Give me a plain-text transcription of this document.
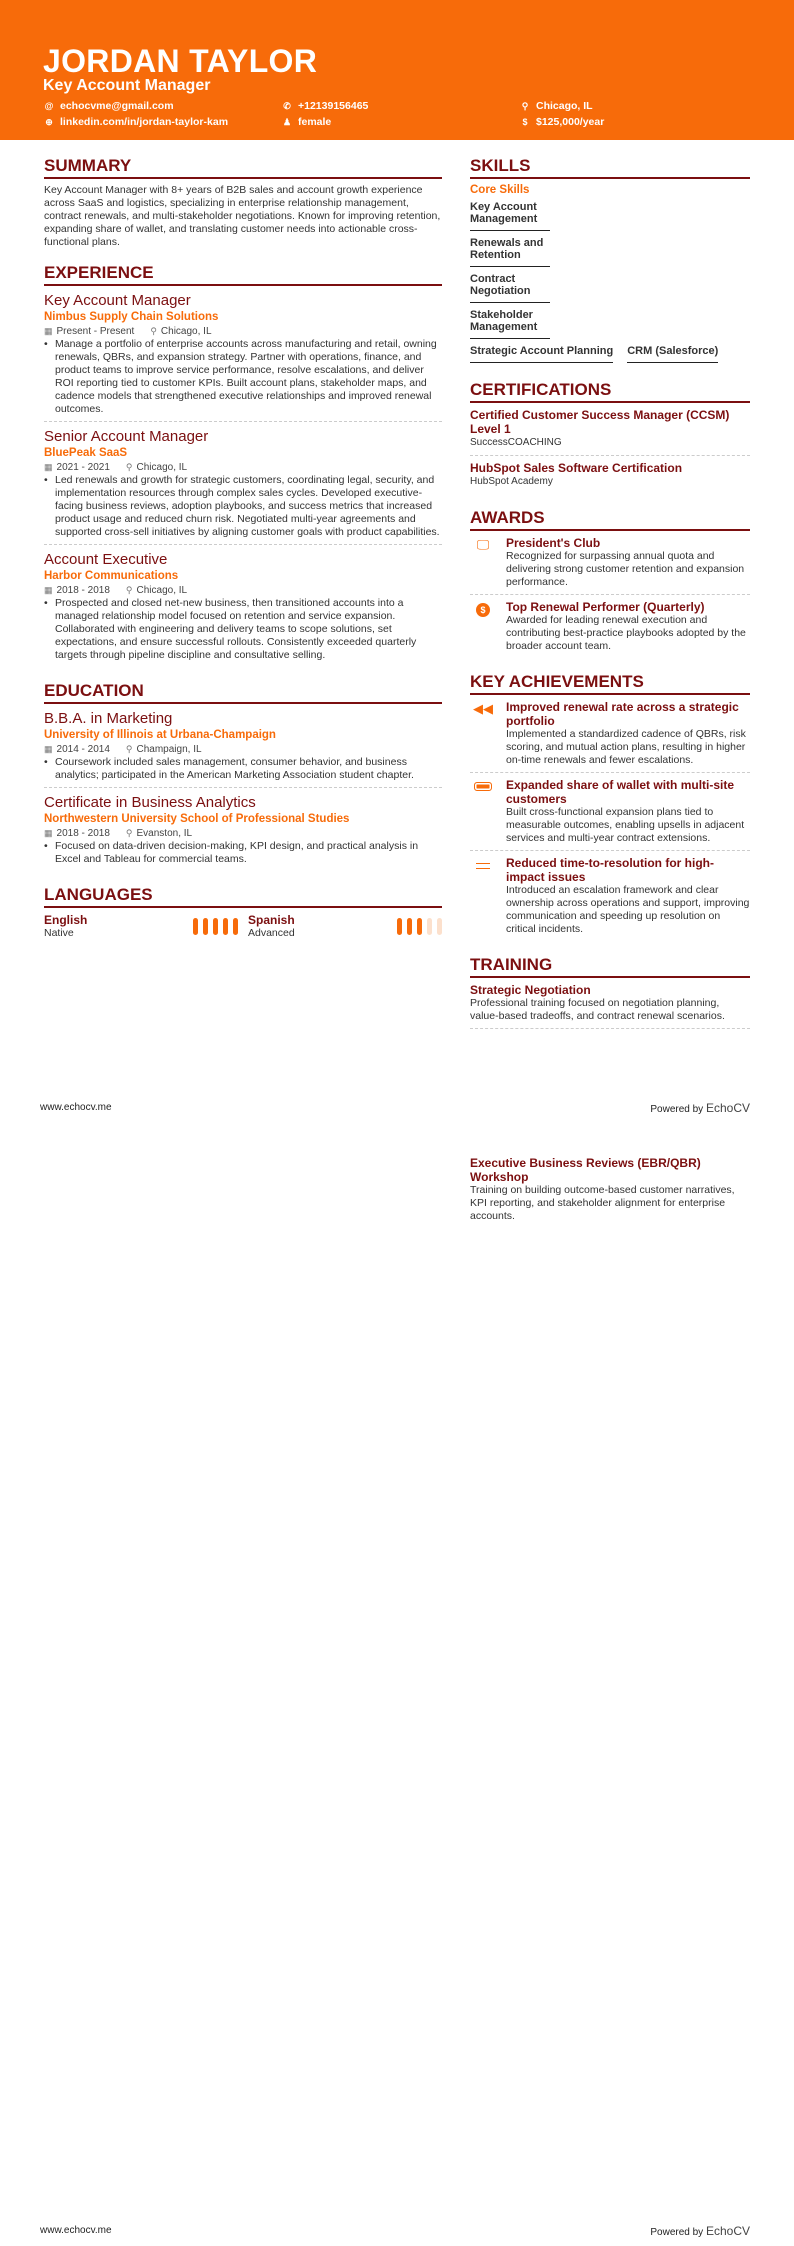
JORDAN TAYLOR
Key Account Manager
@ echocvme@gmail.com	✆ +12139156465	⚲ Chicago, IL
⊕ linkedin.com/in/jordan-taylor-kam	♟ female	$ $125,000/year
SUMMARY
Key Account Manager with 8+ years of B2B sales and account growth experience across SaaS and logistics, specializing in enterprise relationship management, contract renewals, and multi-stakeholder negotiations. Known for improving retention, expanding share of wallet, and translating customer needs into actionable cross-functional plans.
EXPERIENCE
Key Account Manager
Nimbus Supply Chain Solutions
▦ Present - Present ⚲ Chicago, IL
• Manage a portfolio of enterprise accounts across manufacturing and retail, owning renewals, QBRs, and expansion strategy. Partner with operations, finance, and product teams to improve service performance, resolve escalations, and deliver ROI reporting tied to customer KPIs. Built account plans, stakeholder maps, and cadence models that strengthened executive relationships and improved renewal outcomes.
Senior Account Manager
BluePeak SaaS
▦ 2021 - 2021 ⚲ Chicago, IL
• Led renewals and growth for strategic customers, coordinating legal, security, and implementation resources through complex sales cycles. Developed executive-facing business reviews, adoption playbooks, and success metrics that increased product usage and reduced churn risk. Negotiated multi-year agreements and supported cross-sell initiatives by aligning customer goals with product capabilities.
Account Executive
Harbor Communications
▦ 2018 - 2018 ⚲ Chicago, IL
• Prospected and closed net-new business, then transitioned accounts into a managed relationship model focused on retention and service expansion. Collaborated with engineering and delivery teams to scope solutions, set expectations, and ensure successful rollouts. Consistently exceeded quarterly targets through pipeline discipline and consultative selling.
EDUCATION
B.B.A. in Marketing
University of Illinois at Urbana-Champaign
▦ 2014 - 2014 ⚲ Champaign, IL
• Coursework included sales management, consumer behavior, and business analytics; participated in the American Marketing Association student chapter.
Certificate in Business Analytics
Northwestern University School of Professional Studies
▦ 2018 - 2018 ⚲ Evanston, IL
• Focused on data-driven decision-making, KPI design, and practical analysis in Excel and Tableau for commercial teams.
LANGUAGES
English
Native
Spanish
Advanced
SKILLS
Core Skills
Key Account Management
Renewals and Retention
Contract Negotiation
Stakeholder Management
Strategic Account Planning CRM (Salesforce)
CERTIFICATIONS
Certified Customer Success Manager (CCSM) Level 1
SuccessCOACHING
HubSpot Sales Software Certification
HubSpot Academy
AWARDS
🖵	President's Club
Recognized for surpassing annual quota and delivering strong customer retention and expansion performance.
$	Top Renewal Performer (Quarterly)
Awarded for leading renewal execution and contributing best-practice playbooks adopted by the broader account team.
KEY ACHIEVEMENTS
◀◀ Improved renewal rate across a strategic portfolio
Implemented a standardized cadence of QBRs, risk scoring, and mutual action plans, resulting in higher on-time renewals and fewer escalations.
Expanded share of wallet with multi-site customers
Built cross-functional expansion plans tied to measurable outcomes, enabling upsells in adjacent services and multi-year contract extensions.
Reduced time-to-resolution for high-impact issues
Introduced an escalation framework and clear ownership across operations and support, improving communication and speeding up resolution on critical incidents.
TRAINING
Strategic Negotiation
Professional training focused on negotiation planning, value-based tradeoffs, and contract renewal scenarios.
Executive Business Reviews (EBR/QBR) Workshop
Training on building outcome-based customer narratives, KPI reporting, and stakeholder alignment for enterprise accounts.
www.echocv.me	Powered by EchoCV
www.echocv.me	Powered by EchoCV
